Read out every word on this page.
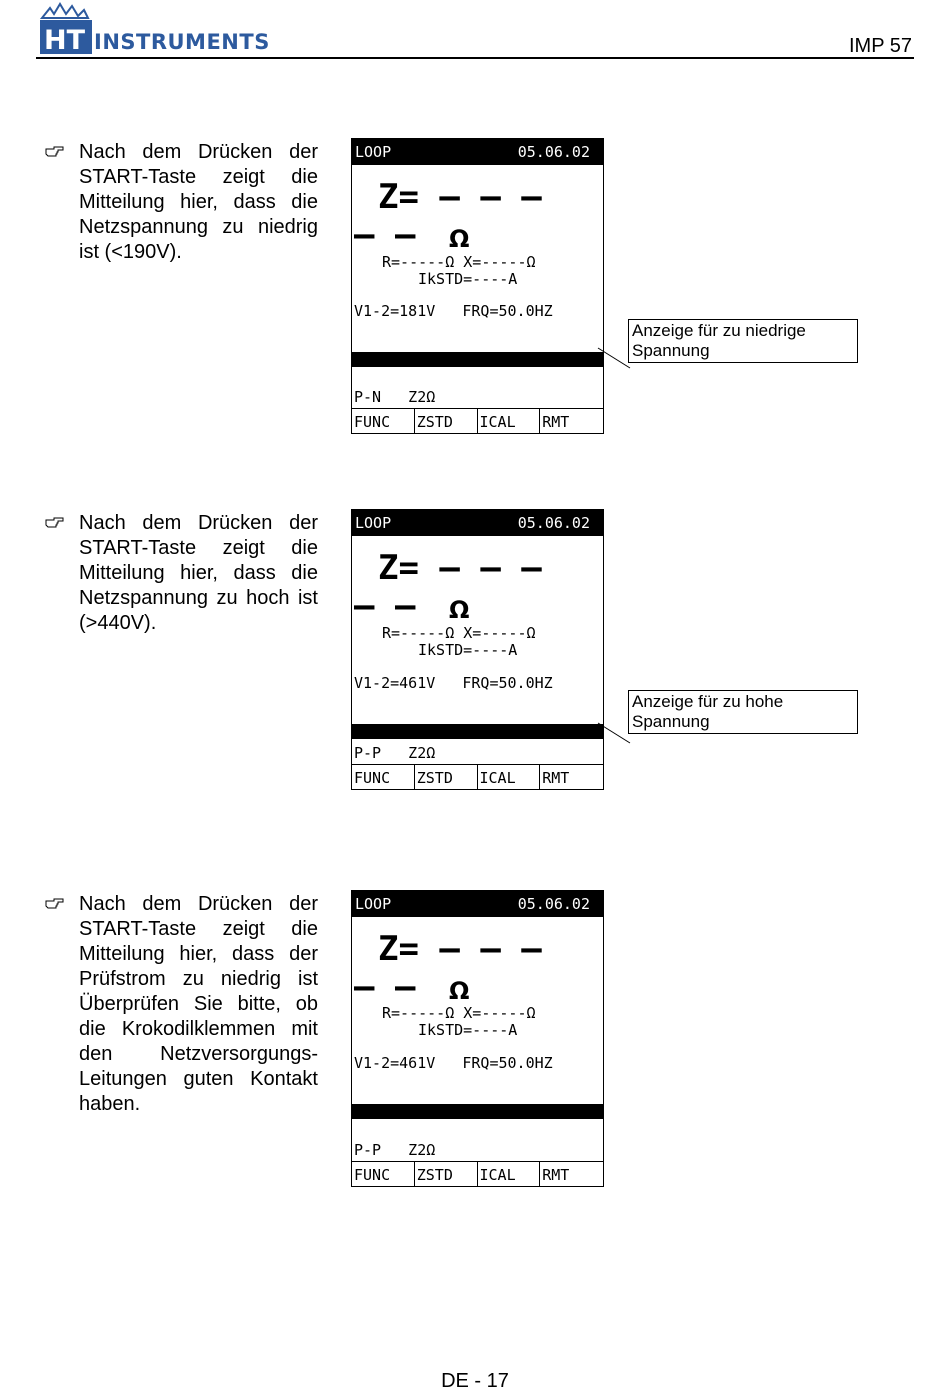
HT INSTRUMENTS	IMP 57
Nach dem Drücken der START-Taste zeigt die Mitteilung hier, dass die Netzspannung zu niedrig ist (<190V).
LOOP	05.06.02
Z= – – –
– – Ω
R=-----Ω X=-----Ω
IkSTD=----A
V1-2=181V   FRQ=50.0HZ

ν LOW VOLTAGE

P-N   Z2Ω
FUNC	ZSTD	ICAL	RMT
Anzeige für zu niedrige Spannung
Nach dem Drücken der START-Taste zeigt die Mitteilung hier, dass die Netzspannung zu hoch ist (>440V).
LOOP	05.06.02
Z= – – –
– – Ω
R=-----Ω X=-----Ω
IkSTD=----A
V1-2=461V   FRQ=50.0HZ

ν HIGH VOLTAGE

P-P   Z2Ω
FUNC	ZSTD	ICAL	RMT
Anzeige für zu hohe Spannung
Nach dem Drücken der START-Taste zeigt die Mitteilung hier, dass der Prüfstrom zu niedrig ist Überprüfen Sie bitte, ob die Krokodilklemmen mit den Netzversorgungs-Leitungen guten Kontakt haben.
LOOP	05.06.02
Z= – – –
– – Ω
R=-----Ω X=-----Ω
IkSTD=----A
V1-2=461V   FRQ=50.0HZ

CURRENT NOT OK

P-P   Z2Ω
FUNC	ZSTD	ICAL	RMT
DE - 17
